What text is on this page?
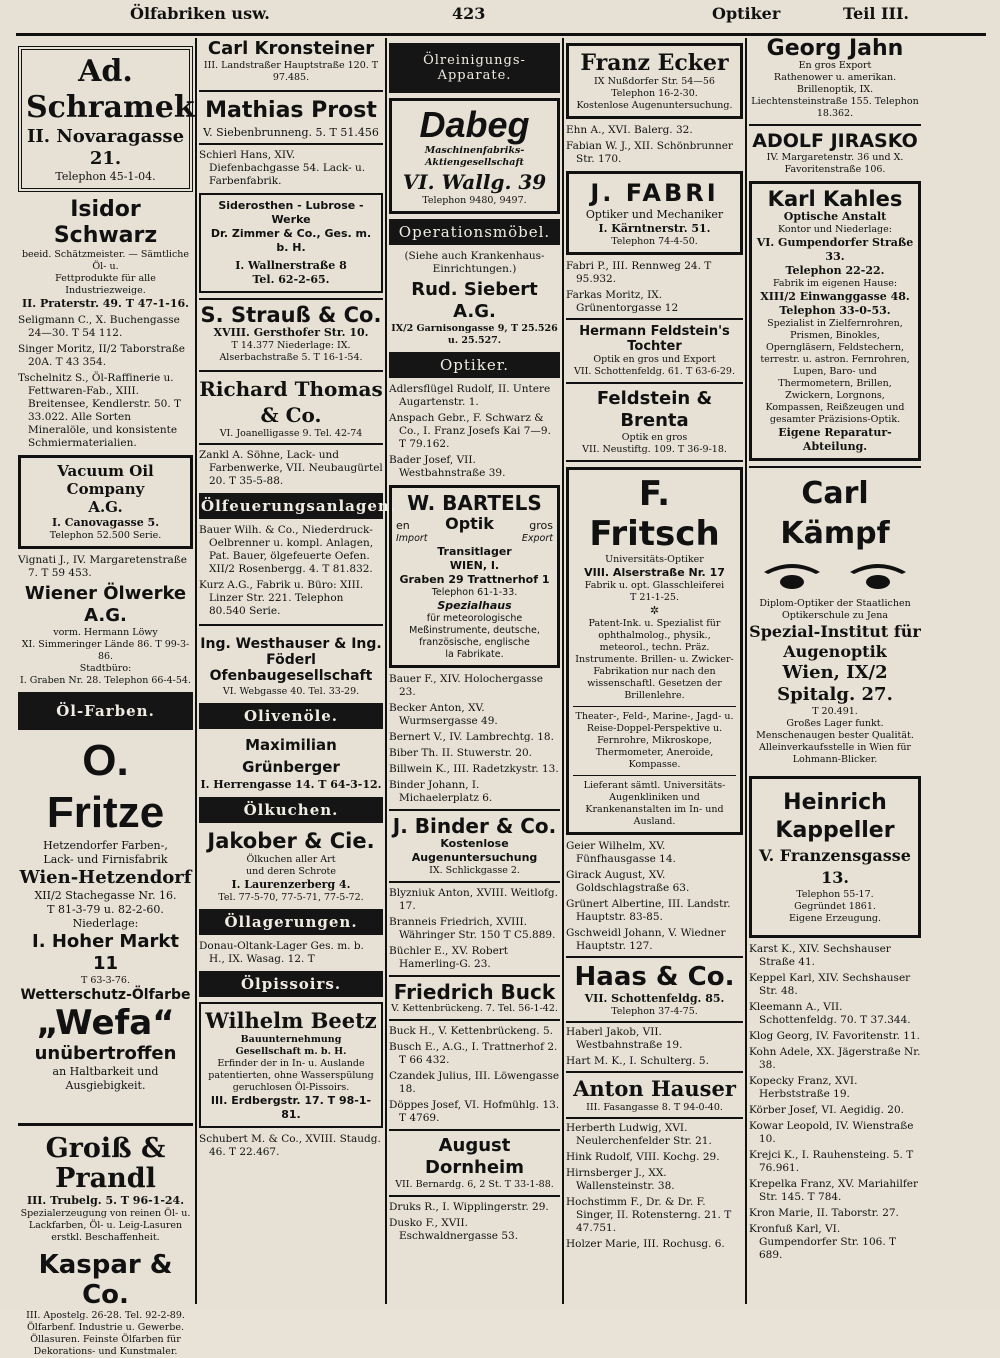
Ölfabriken usw.	423	Optiker	Teil III.
Ad. Schramek
II. Novaragasse 21.
Telephon 45-1-04.
Isidor Schwarz
beeid. Schätzmeister. — Sämtliche Öl- u.
Fettprodukte für alle Industriezweige.
II. Praterstr. 49. T 47-1-16.
Seligmann C., X. Buchengasse 24—30. T 54 112.
Singer Moritz, II/2 Taborstraße 20A. T 43 354.
Tschelnitz S., Öl-Raffinerie u. Fettwaren-Fab., XIII. Breitensee, Kendlerstr. 50. T 33.022. Alle Sorten Mineralöle, und konsistente Schmiermaterialien.
Vacuum Oil Company
A.G.
I. Canovagasse 5.
Telephon 52.500 Serie.
Vignati J., IV. Margaretenstraße 7. T 59 453.
Wiener Ölwerke A.G.
vorm. Hermann Löwy
XI. Simmeringer Lände 86. T 99-3-86.
Stadtbüro:
I. Graben Nr. 28. Telephon 66-4-54.
Öl-Farben.
O. Fritze
Hetzendorfer Farben-,
Lack- und Firnisfabrik
Wien-Hetzendorf
XII/2 Stachegasse Nr. 16.
T 81-3-79 u. 82-2-60.
Niederlage:
I. Hoher Markt 11
T 63-3-76.
Wetterschutz-Ölfarbe
„Wefa“
unübertroffen
an Haltbarkeit und
Ausgiebigkeit.
Groiß & Prandl
III. Trubelg. 5. T 96-1-24.
Spezialerzeugung von reinen Öl- u. Lackfarben, Öl- u. Leig-Lasuren erstkl. Beschaffenheit.
Kaspar & Co.
III. Apostelg. 26-28. Tel. 92-2-89. Ölfarbenf. Industrie u. Gewerbe. Öllasuren. Feinste Ölfarben für Dekorations- und Kunstmaler.
Carl Kronsteiner
III. Landstraßer Hauptstraße 120. T 97.485.
Mathias Prost
V. Siebenbrunneng. 5. T 51.456
Schierl Hans, XIV. Diefenbachgasse 54. Lack- u. Farbenfabrik.
Siderosthen - Lubrose - Werke
Dr. Zimmer & Co., Ges. m. b. H.
I. Wallnerstraße 8
Tel. 62-2-65.
S. Strauß & Co.
XVIII. Gersthofer Str. 10.
T 14.377 Niederlage: IX. Alserbachstraße 5. T 16-1-54.
Richard Thomas & Co.
VI. Joanelligasse 9. Tel. 42-74
Zankl A. Söhne, Lack- und Farbenwerke, VII. Neubaugürtel 20. T 35-5-88.
Ölfeuerungsanlagen.
Bauer Wilh. & Co., Niederdruck-Oelbrenner u. kompl. Anlagen, Pat. Bauer, ölgefeuerte Oefen. XII/2 Rosenbergg. 4. T 81.832.
Kurz A.G., Fabrik u. Büro: XIII. Linzer Str. 221. Telephon 80.540 Serie.
Ing. Westhauser & Ing. Föderl
Ofenbaugesellschaft
VI. Webgasse 40. Tel. 33-29.
Olivenöle.
Maximilian Grünberger
I. Herrengasse 14. T 64-3-12.
Ölkuchen.
Jakober & Cie.
Ölkuchen aller Art
und deren Schrote
I. Laurenzerberg 4.
Tel. 77-5-70, 77-5-71, 77-5-72.
Öllagerungen.
Donau-Oltank-Lager Ges. m. b. H., IX. Wasag. 12. T
Ölpissoirs.
Wilhelm Beetz
Bauunternehmung
Gesellschaft m. b. H.
Erfinder der in In- u. Auslande patentierten, ohne Wasserspülung geruchlosen Öl-Pissoirs.
III. Erdbergstr. 17. T 98-1-81.
Schubert M. & Co., XVIII. Staudg. 46. T 22.467.
Ölreinigungs-Apparate.
Dabeg
Maschinenfabriks-
Aktiengesellschaft
VI. Wallg. 39
Telephon 9480, 9497.
Operationsmöbel.
(Siehe auch Krankenhaus-Einrichtungen.)
Rud. Siebert A.G.
IX/2 Garnisongasse 9, T 25.526 u. 25.527.
Optiker.
Adlersflügel Rudolf, II. Untere Augartenstr. 1.
Anspach Gebr., F. Schwarz & Co., I. Franz Josefs Kai 7—9. T 79.162.
Bader Josef, VII. Westbahnstraße 39.
W. BARTELS
en Optik	gros
Import	Export
Transitlager
WIEN, I.
Graben 29 Trattnerhof 1
Telephon 61-1-33.
Spezialhaus
für meteorologische Meßinstrumente, deutsche, französische, englische
la Fabrikate.
Bauer F., XIV. Holochergasse 23.
Becker Anton, XV. Wurmsergasse 49.
Bernert V., IV. Lambrechtg. 18.
Biber Th. II. Stuwerstr. 20.
Billwein K., III. Radetzkystr. 13.
Binder Johann, I. Michaelerplatz 6.
J. Binder & Co.
Kostenlose Augenuntersuchung
IX. Schlickgasse 2.
Blyzniuk Anton, XVIII. Weitlofg. 17.
Branneis Friedrich, XVIII. Währinger Str. 150 T C5.889.
Büchler E., XV. Robert Hamerling-G. 23.
Friedrich Buck
V. Kettenbrückeng. 7. Tel. 56-1-42.
Buck H., V. Kettenbrückeng. 5.
Busch E., A.G., I. Trattnerhof 2. T 66 432.
Czandek Julius, III. Löwengasse 18.
Döppes Josef, VI. Hofmühlg. 13. T 4769.
August Dornheim
VII. Bernardg. 6, 2 St. T 33-1-88.
Druks R., I. Wipplingerstr. 29.
Dusko F., XVII. Eschwaldnergasse 53.
Franz Ecker
IX Nußdorfer Str. 54—56
Telephon 16-2-30.
Kostenlose Augenuntersuchung.
Ehn A., XVI. Balerg. 32.
Fabian W. J., XII. Schönbrunner Str. 170.
J. FABRI
Optiker und Mechaniker
I. Kärntnerstr. 51.
Telephon 74-4-50.
Fabri P., III. Rennweg 24. T 95.932.
Farkas Moritz, IX. Grünentorgasse 12
Hermann Feldstein's Tochter
Optik en gros und Export
VII. Schottenfeldg. 61. T 63-6-29.
Feldstein & Brenta
Optik en gros
VII. Neustiftg. 109. T 36-9-18.
F. Fritsch
Universitäts-Optiker
VIII. Alserstraße Nr. 17
Fabrik u. opt. Glasschleiferei
T 21-1-25.
✲
Patent-Ink. u. Spezialist für ophthalmolog., physik., meteorol., techn. Präz. Instrumente. Brillen- u. Zwicker-Fabrikation nur nach den wissenschaftl. Gesetzen der Brillenlehre.
Theater-, Feld-, Marine-, Jagd- u. Reise-Doppel-Perspektive u. Fernrohre, Mikroskope, Thermometer, Aneroide, Kompasse.
Lieferant sämtl. Universitäts-Augenkliniken und Krankenanstalten im In- und Ausland.
Geier Wilhelm, XV. Fünfhausgasse 14.
Girack August, XV. Goldschlagstraße 63.
Grünert Albertine, III. Landstr. Hauptstr. 83-85.
Gschweidl Johann, V. Wiedner Hauptstr. 127.
Haas & Co.
VII. Schottenfeldg. 85.
Telephon 37-4-75.
Haberl Jakob, VII. Westbahnstraße 19.
Hart M. K., I. Schulterg. 5.
Anton Hauser
III. Fasangasse 8. T 94-0-40.
Herberth Ludwig, XVI. Neulerchenfelder Str. 21.
Hink Rudolf, VIII. Kochg. 29.
Hirnsberger J., XX. Wallensteinstr. 38.
Hochstimm F., Dr. & Dr. F. Singer, II. Rotensterng. 21. T 47.751.
Holzer Marie, III. Rochusg. 6.
Georg Jahn
En gros Export
Rathenower u. amerikan. Brillenoptik, IX. Liechtensteinstraße 155. Telephon 18.362.
ADOLF JIRASKO
IV. Margaretenstr. 36 und X. Favoritenstraße 106.
Karl Kahles
Optische Anstalt
Kontor und Niederlage:
VI. Gumpendorfer Straße 33.
Telephon 22-22.
Fabrik im eigenen Hause:
XIII/2 Einwanggasse 48.
Telephon 33-0-53.
Spezialist in Zielfernrohren, Prismen, Binokles, Operngläsern, Feldstechern, terrestr. u. astron. Fernrohren, Lupen, Baro- und Thermometern, Brillen, Zwickern, Lorgnons, Kompassen, Reißzeugen und gesamter Präzisions-Optik.
Eigene Reparatur-Abteilung.
Carl Kämpf
Diplom-Optiker der Staatlichen Optikerschule zu Jena
Spezial-Institut für Augenoptik
Wien, IX/2 Spitalg. 27.
T 20.491.
Großes Lager funkt. Menschenaugen bester Qualität.
Alleinverkaufsstelle in Wien für Lohmann-Blicker.
Heinrich Kappeller
V. Franzensgasse 13.
Telephon 55-17.
Gegründet 1861.
Eigene Erzeugung.
Karst K., XIV. Sechshauser Straße 41.
Keppel Karl, XIV. Sechshauser Str. 48.
Kleemann A., VII. Schottenfeldg. 70. T 37.344.
Klog Georg, IV. Favoritenstr. 11.
Kohn Adele, XX. Jägerstraße Nr. 38.
Kopecky Franz, XVI. Herbststraße 19.
Körber Josef, VI. Aegidig. 20.
Kowar Leopold, IV. Wienstraße 10.
Krejci K., I. Rauhensteing. 5. T 76.961.
Krepelka Franz, XV. Mariahilfer Str. 145. T 784.
Kron Marie, II. Taborstr. 27.
Kronfuß Karl, VI. Gumpendorfer Str. 106. T 689.
